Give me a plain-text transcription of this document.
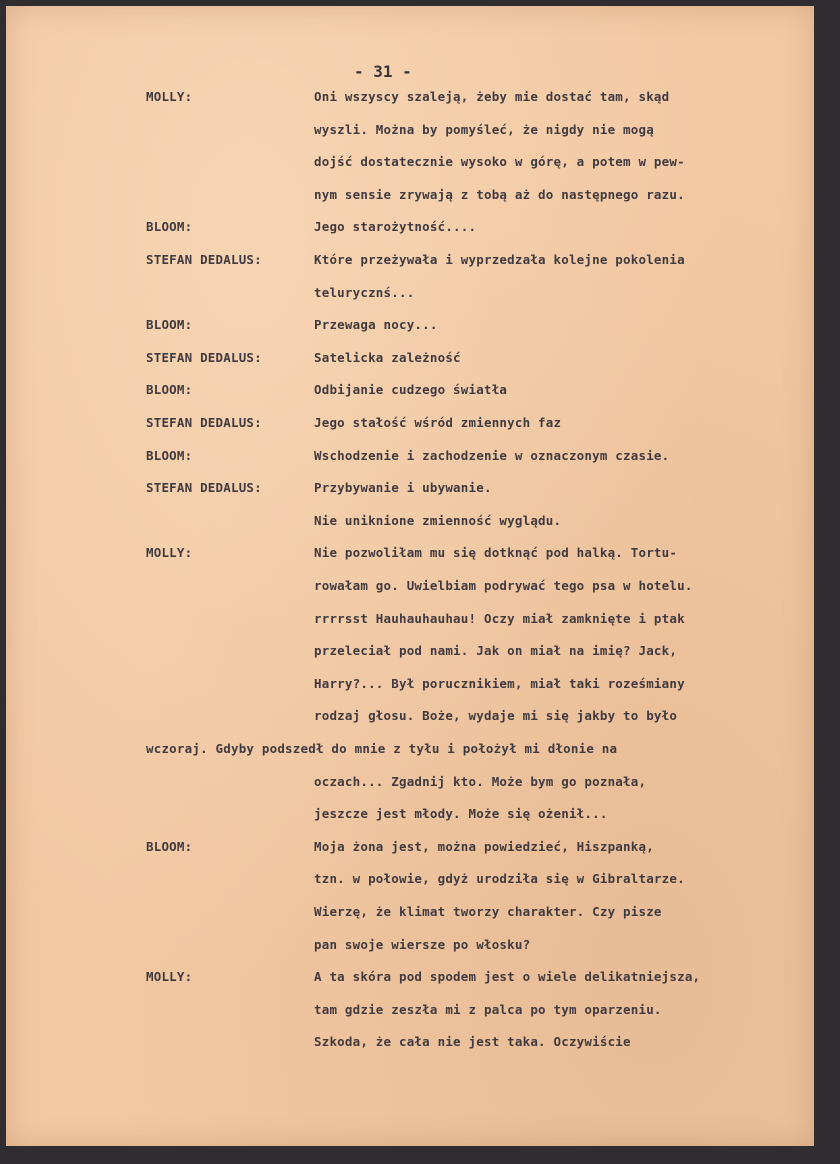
- 31 -
MOLLY:	Oni wszyscy szaleją, żeby mie dostać tam, skąd
wyszli. Można by pomyśleć, że nigdy nie mogą
dojść dostatecznie wysoko w górę, a potem w pew-
nym sensie zrywają z tobą aż do następnego razu.
BLOOM:	Jego starożytność....
STEFAN DEDALUS:	Które przeżywała i wyprzedzała kolejne pokolenia
telurycznś...
BLOOM:	Przewaga nocy...
STEFAN DEDALUS:	Satelicka zależność
BLOOM:	Odbijanie cudzego światła
STEFAN DEDALUS:	Jego stałość wśród zmiennych faz
BLOOM:	Wschodzenie i zachodzenie w oznaczonym czasie.
STEFAN DEDALUS:	Przybywanie i ubywanie.
Nie uniknione zmienność wyglądu.
MOLLY:	Nie pozwoliłam mu się dotknąć pod halką. Tortu-
rowałam go. Uwielbiam podrywać tego psa w hotelu.
rrrrsst Hauhauhauhau! Oczy miał zamknięte i ptak
przeleciał pod nami. Jak on miał na imię? Jack,
Harry?... Był porucznikiem, miał taki roześmiany
rodzaj głosu. Boże, wydaje mi się jakby to było
wczoraj. Gdyby podszedł do mnie z tyłu i położył mi dłonie na
oczach... Zgadnij kto. Może bym go poznała,
jeszcze jest młody. Może się ożenił...
BLOOM:	Moja żona jest, można powiedzieć, Hiszpanką,
tzn. w połowie, gdyż urodziła się w Gibraltarze.
Wierzę, że klimat tworzy charakter. Czy pisze
pan swoje wiersze po włosku?
MOLLY:	A ta skóra pod spodem jest o wiele delikatniejsza,
tam gdzie zeszła mi z palca po tym oparzeniu.
Szkoda, że cała nie jest taka. Oczywiście
